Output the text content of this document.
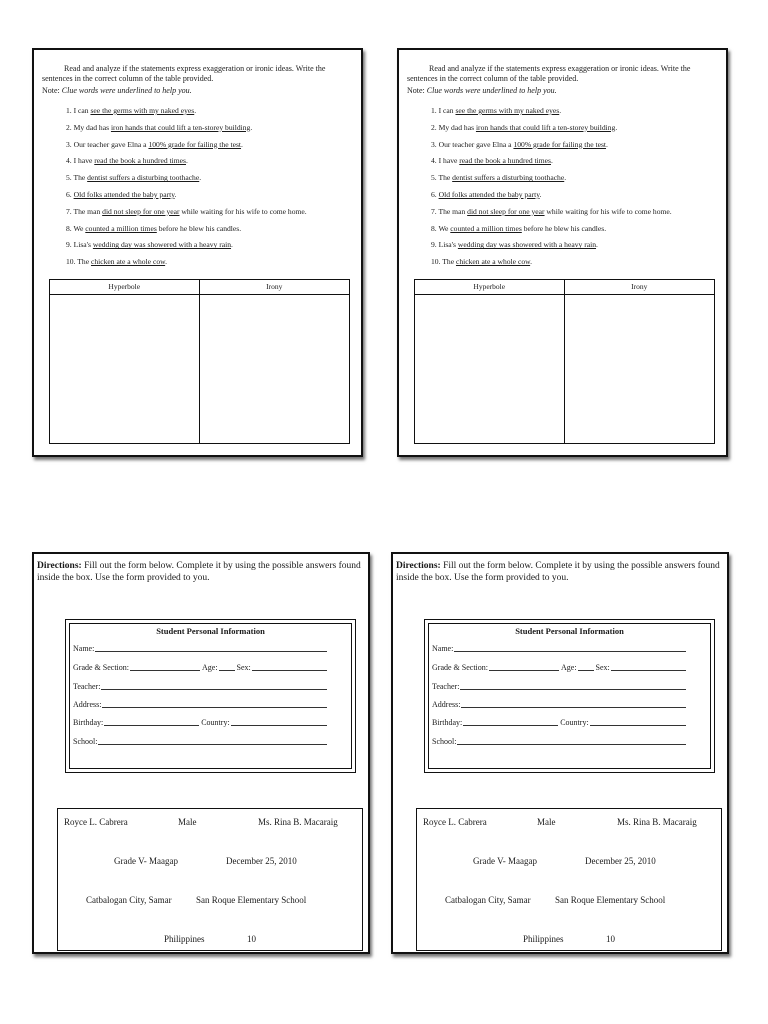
Read and analyze if the statements express exaggeration or ironic ideas. Write the sentences in the correct column of the table provided.
Note: Clue words were underlined to help you.
1. I can see the germs with my naked eyes.
2. My dad has iron hands that could lift a ten-storey building.
3. Our teacher gave Elna a 100% grade for failing the test.
4. I have read the book a hundred times.
5. The dentist suffers a disturbing toothache.
6. Old folks attended the baby party.
7. The man did not sleep for one year while waiting for his wife to come home.
8. We counted a million times before he blew his candles.
9. Lisa's wedding day was showered with a heavy rain.
10. The chicken ate a whole cow.
Hyperbole	Irony
Read and analyze if the statements express exaggeration or ironic ideas. Write the sentences in the correct column of the table provided.
Note: Clue words were underlined to help you.
1. I can see the germs with my naked eyes.
2. My dad has iron hands that could lift a ten-storey building.
3. Our teacher gave Elna a 100% grade for failing the test.
4. I have read the book a hundred times.
5. The dentist suffers a disturbing toothache.
6. Old folks attended the baby party.
7. The man did not sleep for one year while waiting for his wife to come home.
8. We counted a million times before he blew his candles.
9. Lisa's wedding day was showered with a heavy rain.
10. The chicken ate a whole cow.
Hyperbole	Irony
Directions: Fill out the form below. Complete it by using the possible answers found inside the box. Use the form provided to you.
Student Personal Information
Name:
Grade & Section:	Age: Sex:
Teacher:
Address:
Birthday:	Country:
School:
Royce L. Cabrera	Male	Ms. Rina B. Macaraig
Grade V- Maagap	December 25, 2010
Catbalogan City, Samar	San Roque Elementary School
Philippines	10
Directions: Fill out the form below. Complete it by using the possible answers found inside the box. Use the form provided to you.
Student Personal Information
Name:
Grade & Section:	Age: Sex:
Teacher:
Address:
Birthday:	Country:
School:
Royce L. Cabrera	Male	Ms. Rina B. Macaraig
Grade V- Maagap	December 25, 2010
Catbalogan City, Samar	San Roque Elementary School
Philippines	10
